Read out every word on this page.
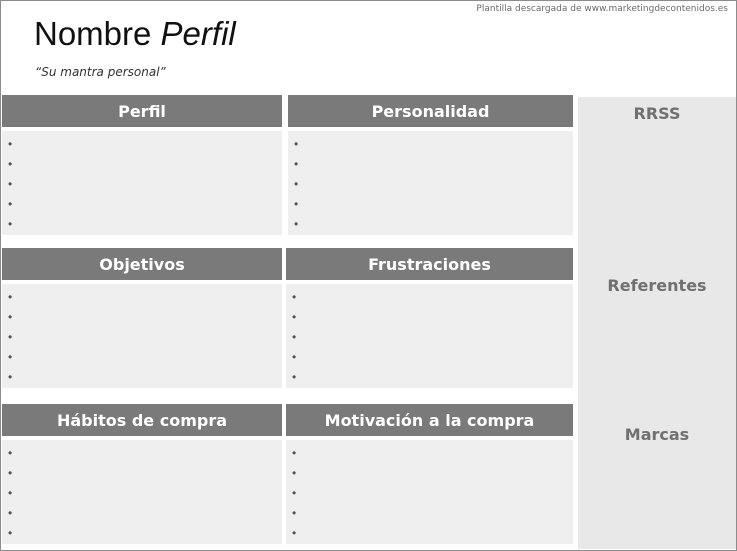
Plantilla descargada de www.marketingdecontenidos.es
Nombre Perfil
“Su mantra personal”
Perfil
•
•
•
•
•
Personalidad
•
•
•
•
•
Objetivos
•
•
•
•
•
Frustraciones
•
•
•
•
•
Hábitos de compra
•
•
•
•
•
Motivación a la compra
•
•
•
•
•
RRSS
Referentes
Marcas
